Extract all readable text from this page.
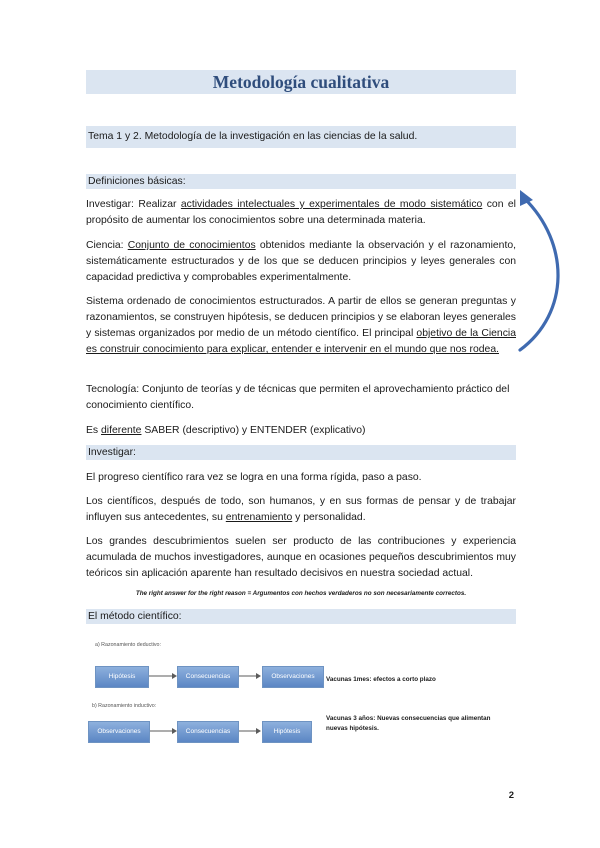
Metodología cualitativa
Tema 1 y 2. Metodología de la investigación en las ciencias de la salud.
Definiciones básicas:
Investigar: Realizar actividades intelectuales y experimentales de modo sistemático con el propósito de aumentar los conocimientos sobre una determinada materia.
Ciencia: Conjunto de conocimientos obtenidos mediante la observación y el razonamiento, sistemáticamente estructurados y de los que se deducen principios y leyes generales con capacidad predictiva y comprobables experimentalmente.
Sistema ordenado de conocimientos estructurados. A partir de ellos se generan preguntas y razonamientos, se construyen hipótesis, se deducen principios y se elaboran leyes generales y sistemas organizados por medio de un método científico. El principal objetivo de la Ciencia es construir conocimiento para explicar, entender e intervenir en el mundo que nos rodea.
Tecnología: Conjunto de teorías y de técnicas que permiten el aprovechamiento práctico del conocimiento científico.
Es diferente SABER (descriptivo) y ENTENDER (explicativo)
Investigar:
El progreso científico rara vez se logra en una forma rígida, paso a paso.
Los científicos, después de todo, son humanos, y en sus formas de pensar y de trabajar influyen sus antecedentes, su entrenamiento y personalidad.
Los grandes descubrimientos suelen ser producto de las contribuciones y experiencia acumulada de muchos investigadores, aunque en ocasiones pequeños descubrimientos muy teóricos sin aplicación aparente han resultado decisivos en nuestra sociedad actual.
The right answer for the right reason = Argumentos con hechos verdaderos no son necesariamente correctos.
El método científico:
a) Razonamiento deductivo:
Hipótesis	Consecuencias	Observaciones	Vacunas 1mes: efectos a corto plazo
b) Razonamiento inductivo:
Observaciones	Consecuencias	Hipótesis
Vacunas 3 años: Nuevas consecuencias que alimentan nuevas hipótesis.
2
